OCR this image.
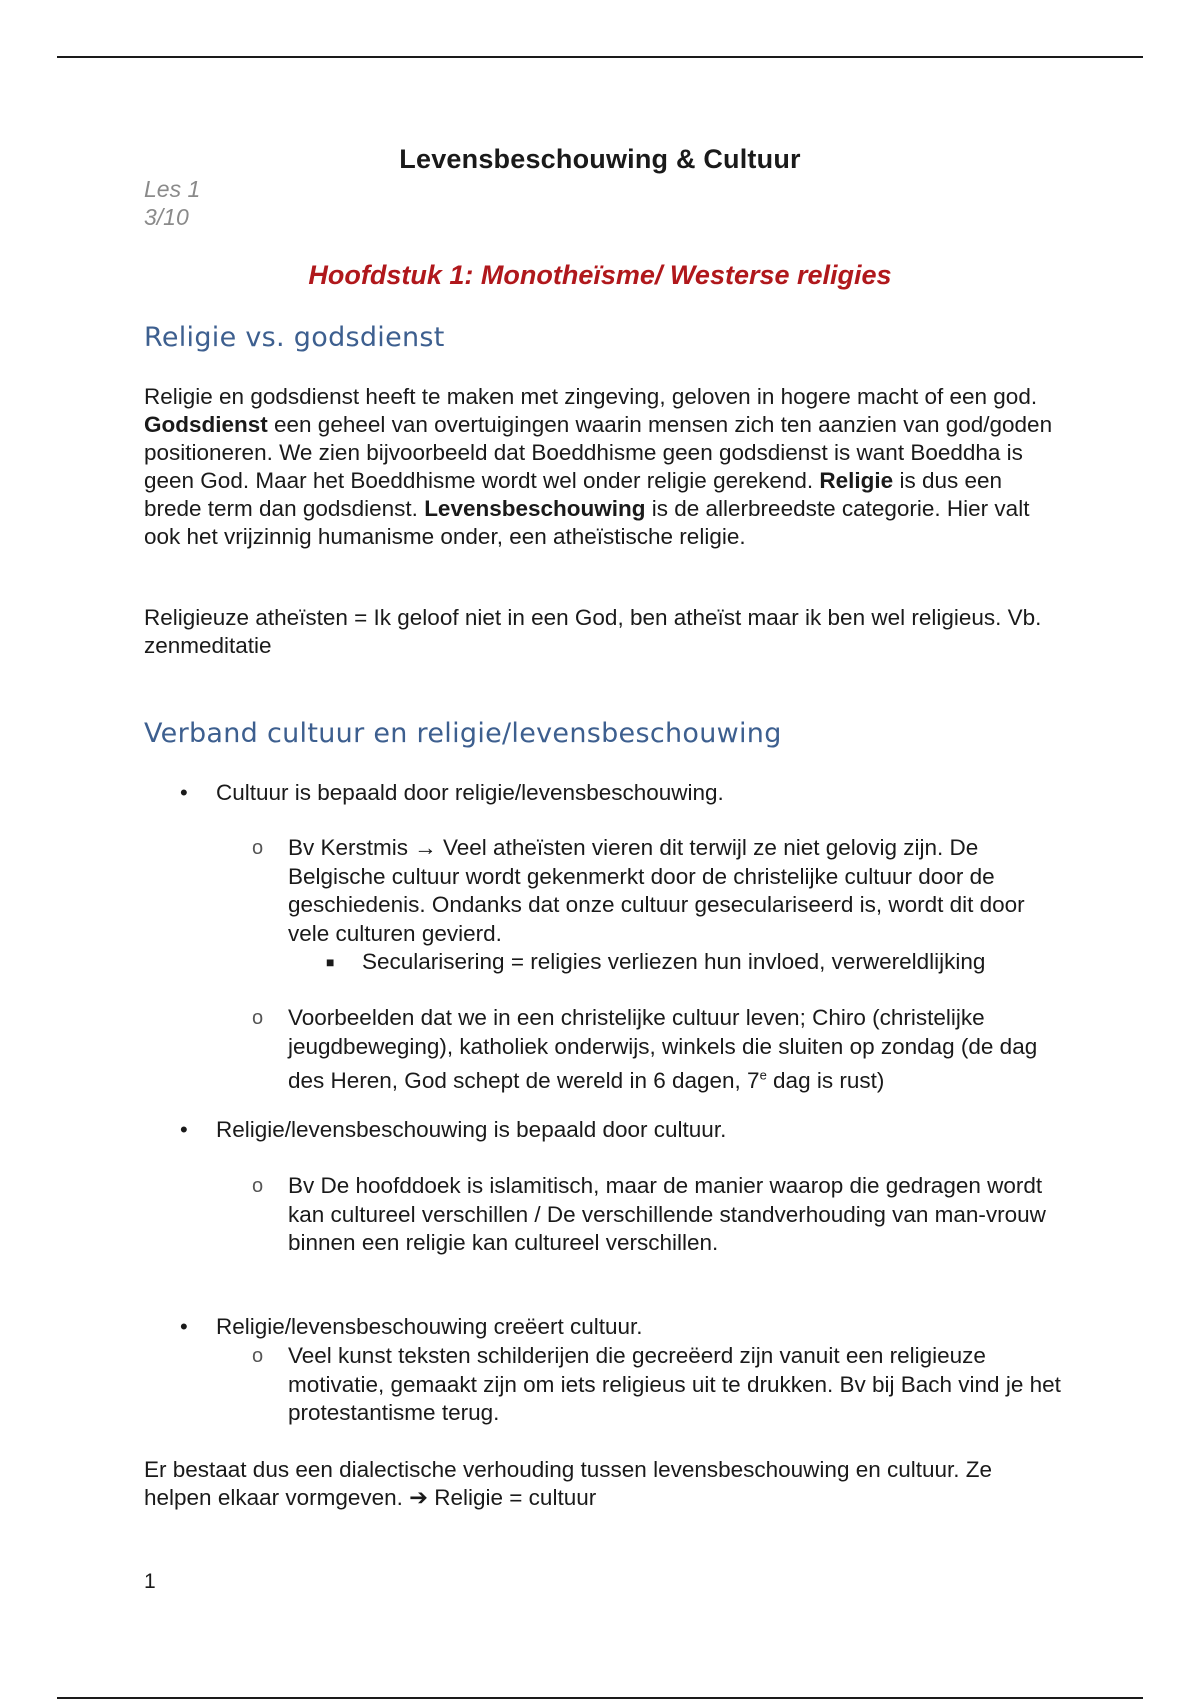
Levensbeschouwing & Cultuur
Les 1
3/10
Hoofdstuk 1: Monotheïsme/ Westerse religies
Religie vs. godsdienst
Religie en godsdienst heeft te maken met zingeving, geloven in hogere macht of een god. Godsdienst een geheel van overtuigingen waarin mensen zich ten aanzien van god/goden positioneren. We zien bijvoorbeeld dat Boeddhisme geen godsdienst is want Boeddha is geen God. Maar het Boeddhisme wordt wel onder religie gerekend. Religie is dus een brede term dan godsdienst. Levensbeschouwing is de allerbreedste categorie. Hier valt ook het vrijzinnig humanisme onder, een atheïstische religie.
Religieuze atheïsten = Ik geloof niet in een God, ben atheïst maar ik ben wel religieus. Vb. zenmeditatie
Verband cultuur en religie/levensbeschouwing
• Cultuur is bepaald door religie/levensbeschouwing.
o Bv Kerstmis → Veel atheïsten vieren dit terwijl ze niet gelovig zijn. De Belgische cultuur wordt gekenmerkt door de christelijke cultuur door de geschiedenis. Ondanks dat onze cultuur geseculariseerd is, wordt dit door vele culturen gevierd.
■ Secularisering = religies verliezen hun invloed, verwereldlijking
o Voorbeelden dat we in een christelijke cultuur leven; Chiro (christelijke jeugdbeweging), katholiek onderwijs, winkels die sluiten op zondag (de dag des Heren, God schept de wereld in 6 dagen, 7e dag is rust)
• Religie/levensbeschouwing is bepaald door cultuur.
o Bv De hoofddoek is islamitisch, maar de manier waarop die gedragen wordt kan cultureel verschillen / De verschillende standverhouding van man-vrouw binnen een religie kan cultureel verschillen.
• Religie/levensbeschouwing creëert cultuur.
o Veel kunst teksten schilderijen die gecreëerd zijn vanuit een religieuze motivatie, gemaakt zijn om iets religieus uit te drukken. Bv bij Bach vind je het protestantisme terug.
Er bestaat dus een dialectische verhouding tussen levensbeschouwing en cultuur. Ze helpen elkaar vormgeven. ➔ Religie = cultuur
1
